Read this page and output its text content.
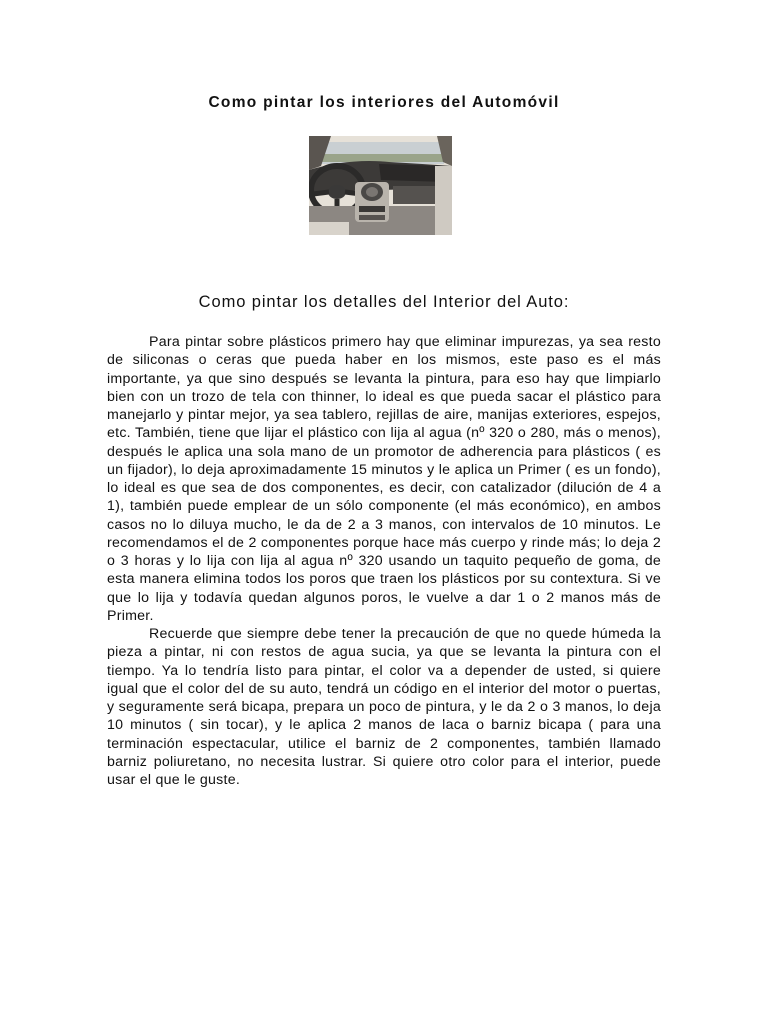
Como pintar los interiores del Automóvil
Como pintar los detalles del Interior del Auto:

Para pintar sobre plásticos primero hay que eliminar impurezas, ya sea resto de siliconas o ceras que pueda haber en los mismos, este paso es el más importante, ya que sino después se levanta la pintura, para eso hay que limpiarlo bien con un trozo de tela con thinner, lo ideal es que pueda sacar el plástico para manejarlo y pintar mejor, ya sea tablero, rejillas de aire, manijas exteriores, espejos, etc. También, tiene que lijar el plástico con lija al agua (nº 320 o 280, más o menos), después le aplica una sola mano de un promotor de adherencia para plásticos ( es un fijador), lo deja aproximadamente 15 minutos y le aplica un Primer ( es un fondo), lo ideal es que sea de dos componentes, es decir, con catalizador (dilución de 4 a 1), también puede emplear de un sólo componente (el más económico), en ambos casos no lo diluya mucho, le da de 2 a 3 manos, con intervalos de 10 minutos. Le recomendamos el de 2 componentes porque hace más cuerpo y rinde más; lo deja 2 o 3 horas y lo lija con lija al agua nº 320 usando un taquito pequeño de goma, de esta manera elimina todos los poros que traen los plásticos por su contextura. Si ve que lo lija y todavía quedan algunos poros, le vuelve a dar 1 o 2 manos más de Primer.

Recuerde que siempre debe tener la precaución de que no quede húmeda la pieza a pintar, ni con restos de agua sucia, ya que se levanta la pintura con el tiempo. Ya lo tendría listo para pintar, el color va a depender de usted, si quiere igual que el color del de su auto, tendrá un código en el interior del motor o puertas, y seguramente será bicapa, prepara un poco de pintura, y le da 2 o 3 manos, lo deja 10 minutos ( sin tocar), y le aplica 2 manos de laca o barniz bicapa ( para una terminación espectacular, utilice el barniz de 2 componentes, también llamado barniz poliuretano, no necesita lustrar. Si quiere otro color para el interior, puede usar el que le guste.
